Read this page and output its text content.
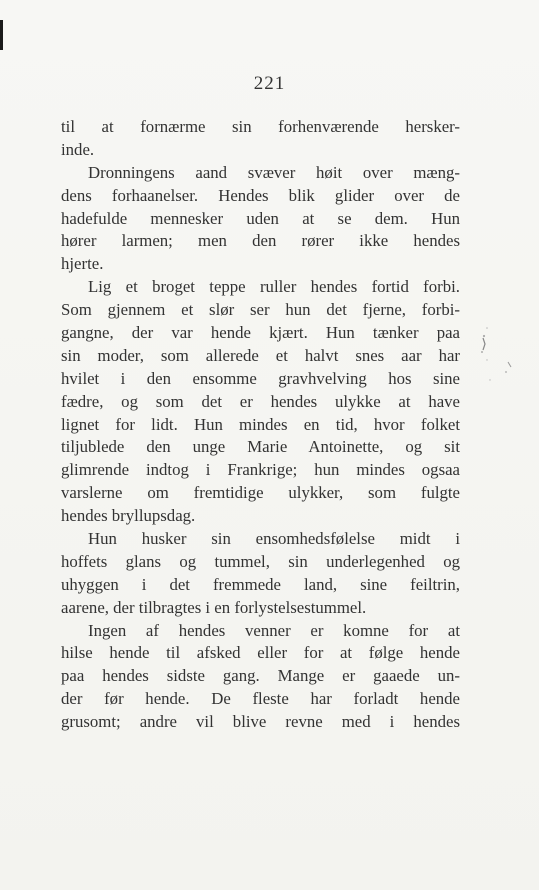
221
til at fornærme sin forhenværende hersker-
inde.
Dronningens aand svæver høit over mæng-
dens forhaanelser. Hendes blik glider over de
hadefulde mennesker uden at se dem. Hun
hører larmen; men den rører ikke hendes
hjerte.
Lig et broget teppe ruller hendes fortid forbi.
Som gjennem et slør ser hun det fjerne, forbi-
gangne, der var hende kjært. Hun tænker paa
sin moder, som allerede et halvt snes aar har
hvilet i den ensomme gravhvelving hos sine
fædre, og som det er hendes ulykke at have
lignet for lidt. Hun mindes en tid, hvor folket
tiljublede den unge Marie Antoinette, og sit
glimrende indtog i Frankrige; hun mindes ogsaa
varslerne om fremtidige ulykker, som fulgte
hendes bryllupsdag.
Hun husker sin ensomhedsfølelse midt i
hoffets glans og tummel, sin underlegenhed og
uhyggen i det fremmede land, sine feiltrin,
aarene, der tilbragtes i en forlystelsestummel.
Ingen af hendes venner er komne for at
hilse hende til afsked eller for at følge hende
paa hendes sidste gang. Mange er gaaede un-
der før hende. De fleste har forladt hende
grusomt; andre vil blive revne med i hendes
